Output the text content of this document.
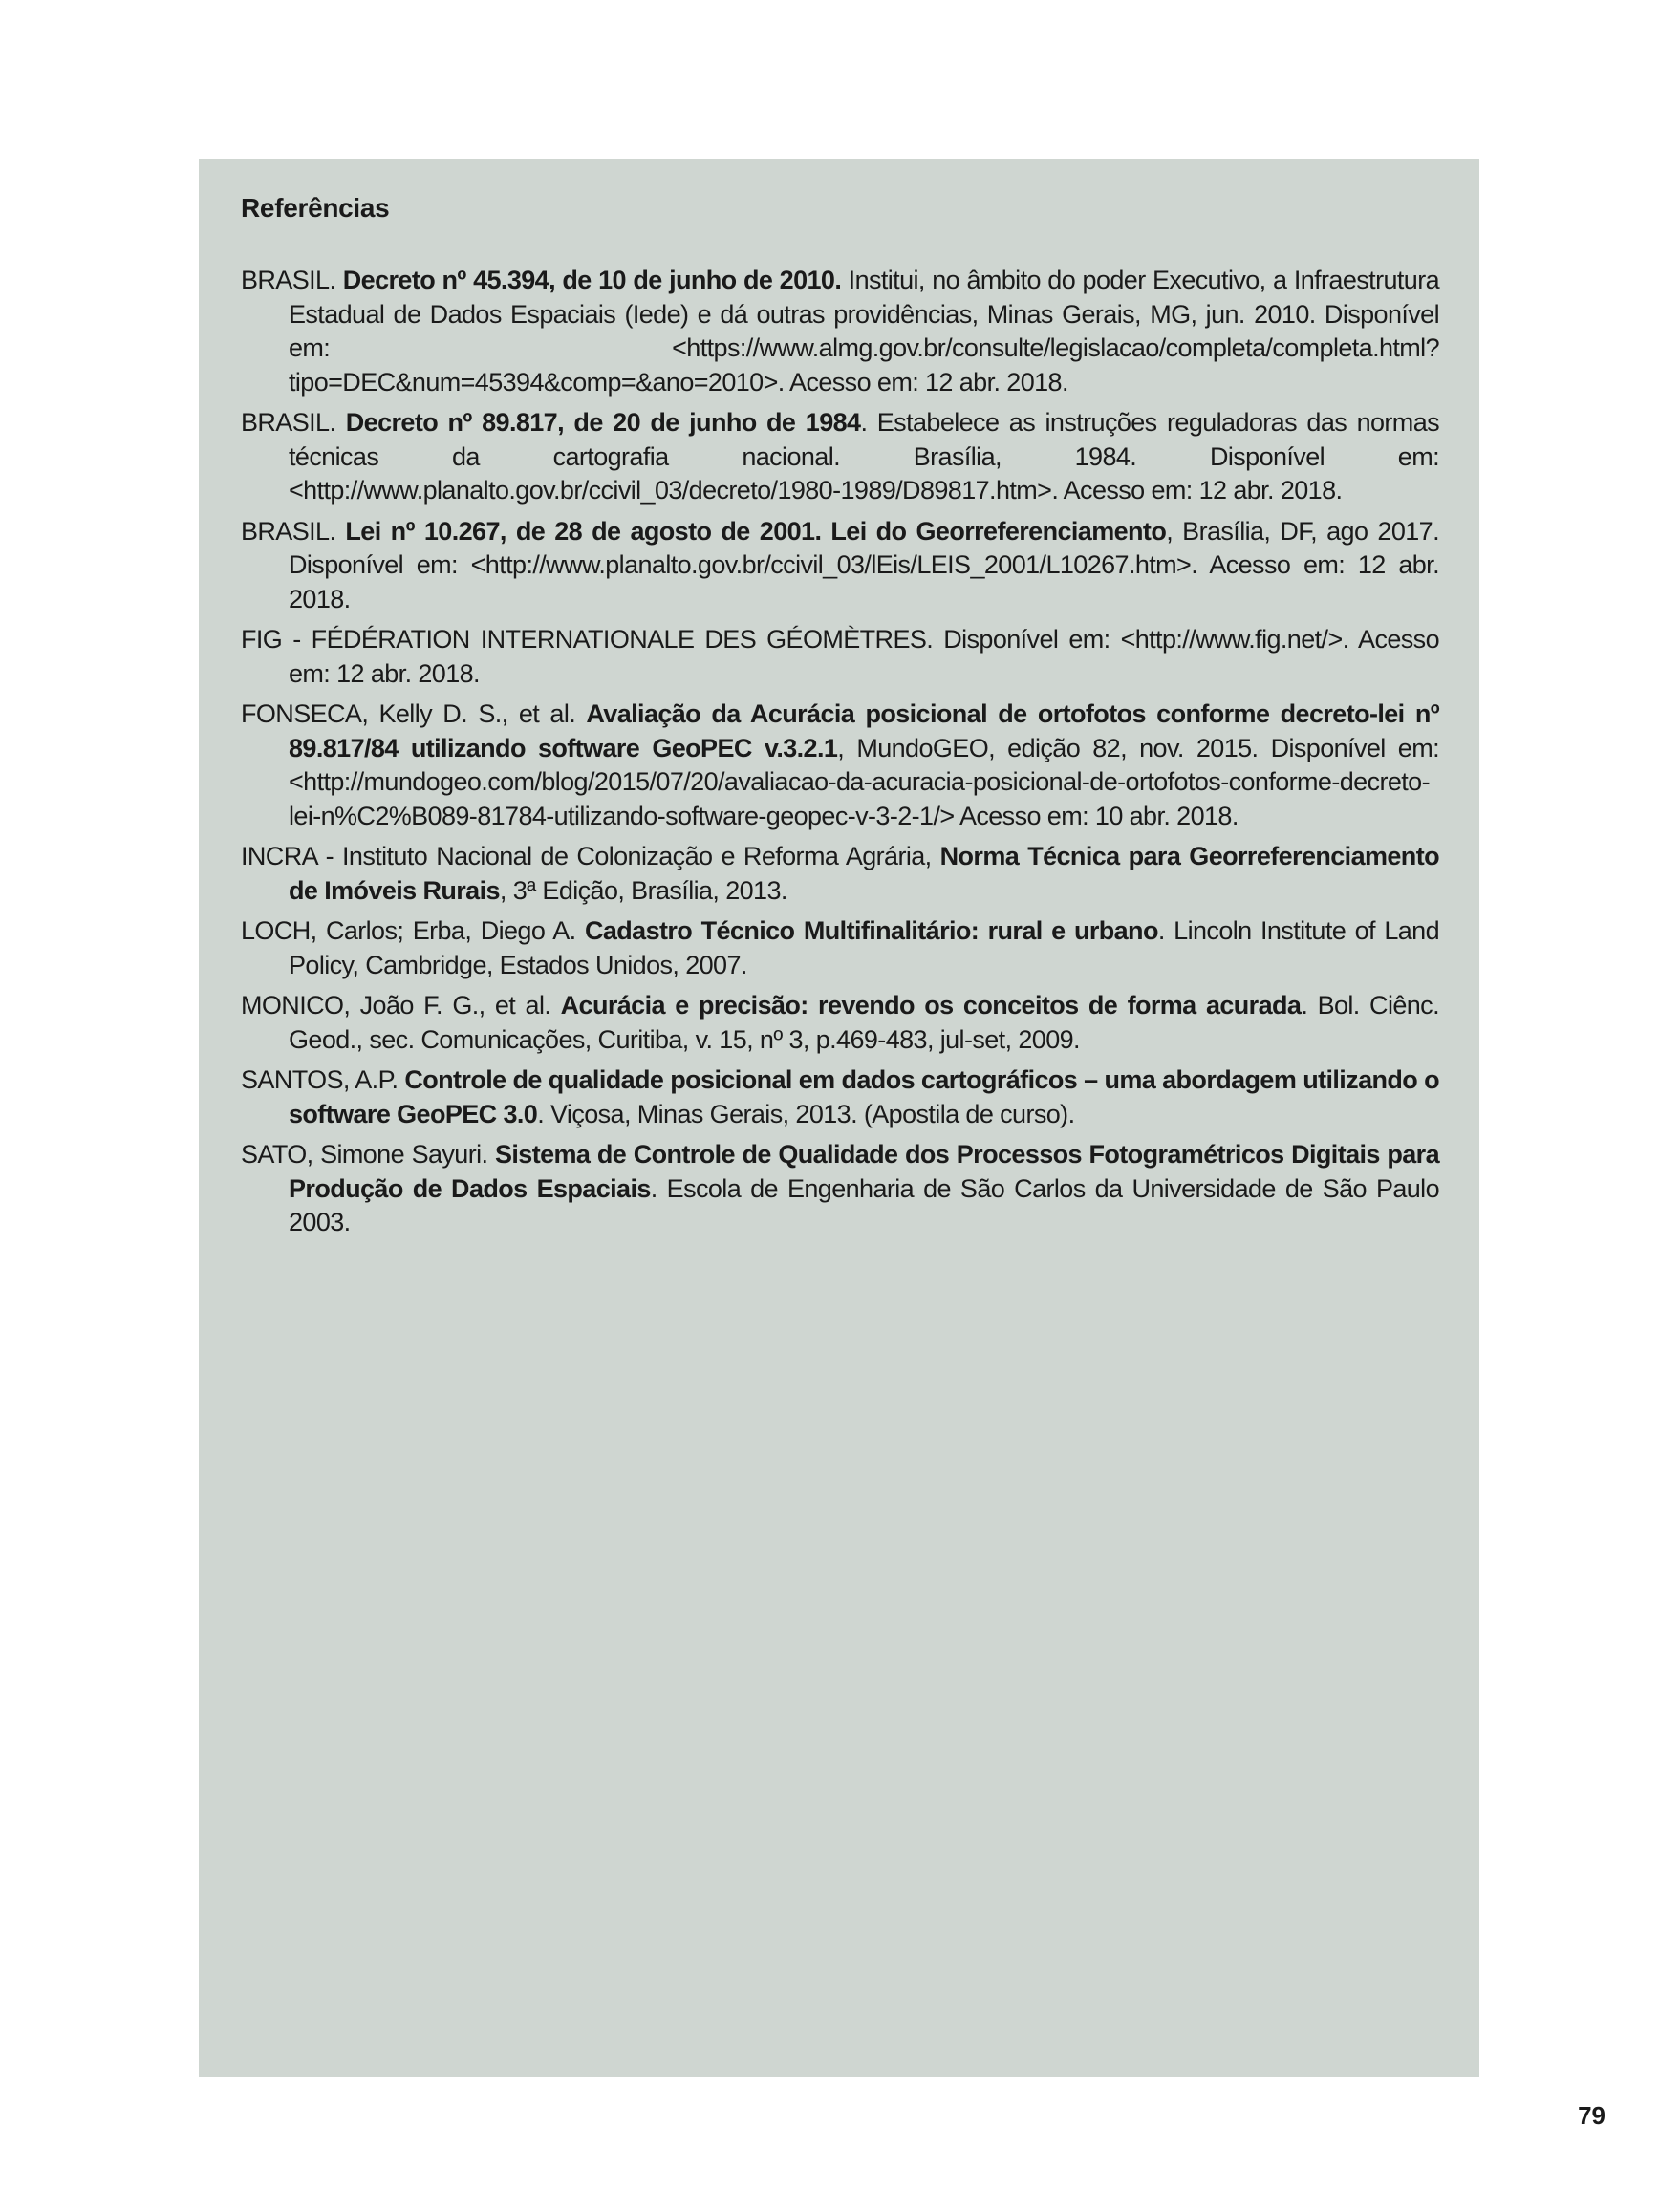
Referências
BRASIL. Decreto nº 45.394, de 10 de junho de 2010. Institui, no âmbito do poder Executivo, a Infraestrutura Estadual de Dados Espaciais (Iede) e dá outras providências, Minas Gerais, MG, jun. 2010. Disponível em: <https://www.almg.gov.br/consulte/legislacao/completa/completa.html?tipo=DEC&num=45394&comp=&ano=2010>. Acesso em: 12 abr. 2018.
BRASIL. Decreto nº 89.817, de 20 de junho de 1984. Estabelece as instruções reguladoras das normas técnicas da cartografia nacional. Brasília, 1984. Disponível em: <http://www.planalto.gov.br/ccivil_03/decreto/1980-1989/D89817.htm>. Acesso em: 12 abr. 2018.
BRASIL. Lei nº 10.267, de 28 de agosto de 2001. Lei do Georreferenciamento, Brasília, DF, ago 2017. Disponível em: <http://www.planalto.gov.br/ccivil_03/lEis/LEIS_2001/L10267.htm>. Acesso em: 12 abr. 2018.
FIG - FÉDÉRATION INTERNATIONALE DES GÉOMÈTRES. Disponível em: <http://www.fig.net/>. Acesso em: 12 abr. 2018.
FONSECA, Kelly D. S., et al. Avaliação da Acurácia posicional de ortofotos conforme decreto-lei nº 89.817/84 utilizando software GeoPEC v.3.2.1, MundoGEO, edição 82, nov. 2015. Disponível em: <http://mundogeo.com/blog/2015/07/20/avaliacao-da-acuracia-posicional-de-ortofotos-conforme-decreto-lei-n%C2%B089-81784-utilizando-software-geopec-v-3-2-1/> Acesso em: 10 abr. 2018.
INCRA - Instituto Nacional de Colonização e Reforma Agrária, Norma Técnica para Georreferenciamento de Imóveis Rurais, 3ª Edição, Brasília, 2013.
LOCH, Carlos; Erba, Diego A. Cadastro Técnico Multifinalitário: rural e urbano. Lincoln Institute of Land Policy, Cambridge, Estados Unidos, 2007.
MONICO, João F. G., et al. Acurácia e precisão: revendo os conceitos de forma acurada. Bol. Ciênc. Geod., sec. Comunicações, Curitiba, v. 15, nº 3, p.469-483, jul-set, 2009.
SANTOS, A.P. Controle de qualidade posicional em dados cartográficos – uma abordagem utilizando o software GeoPEC 3.0. Viçosa, Minas Gerais, 2013. (Apostila de curso).
SATO, Simone Sayuri. Sistema de Controle de Qualidade dos Processos Fotogramétricos Digitais para Produção de Dados Espaciais. Escola de Engenharia de São Carlos da Universidade de São Paulo 2003.
79
